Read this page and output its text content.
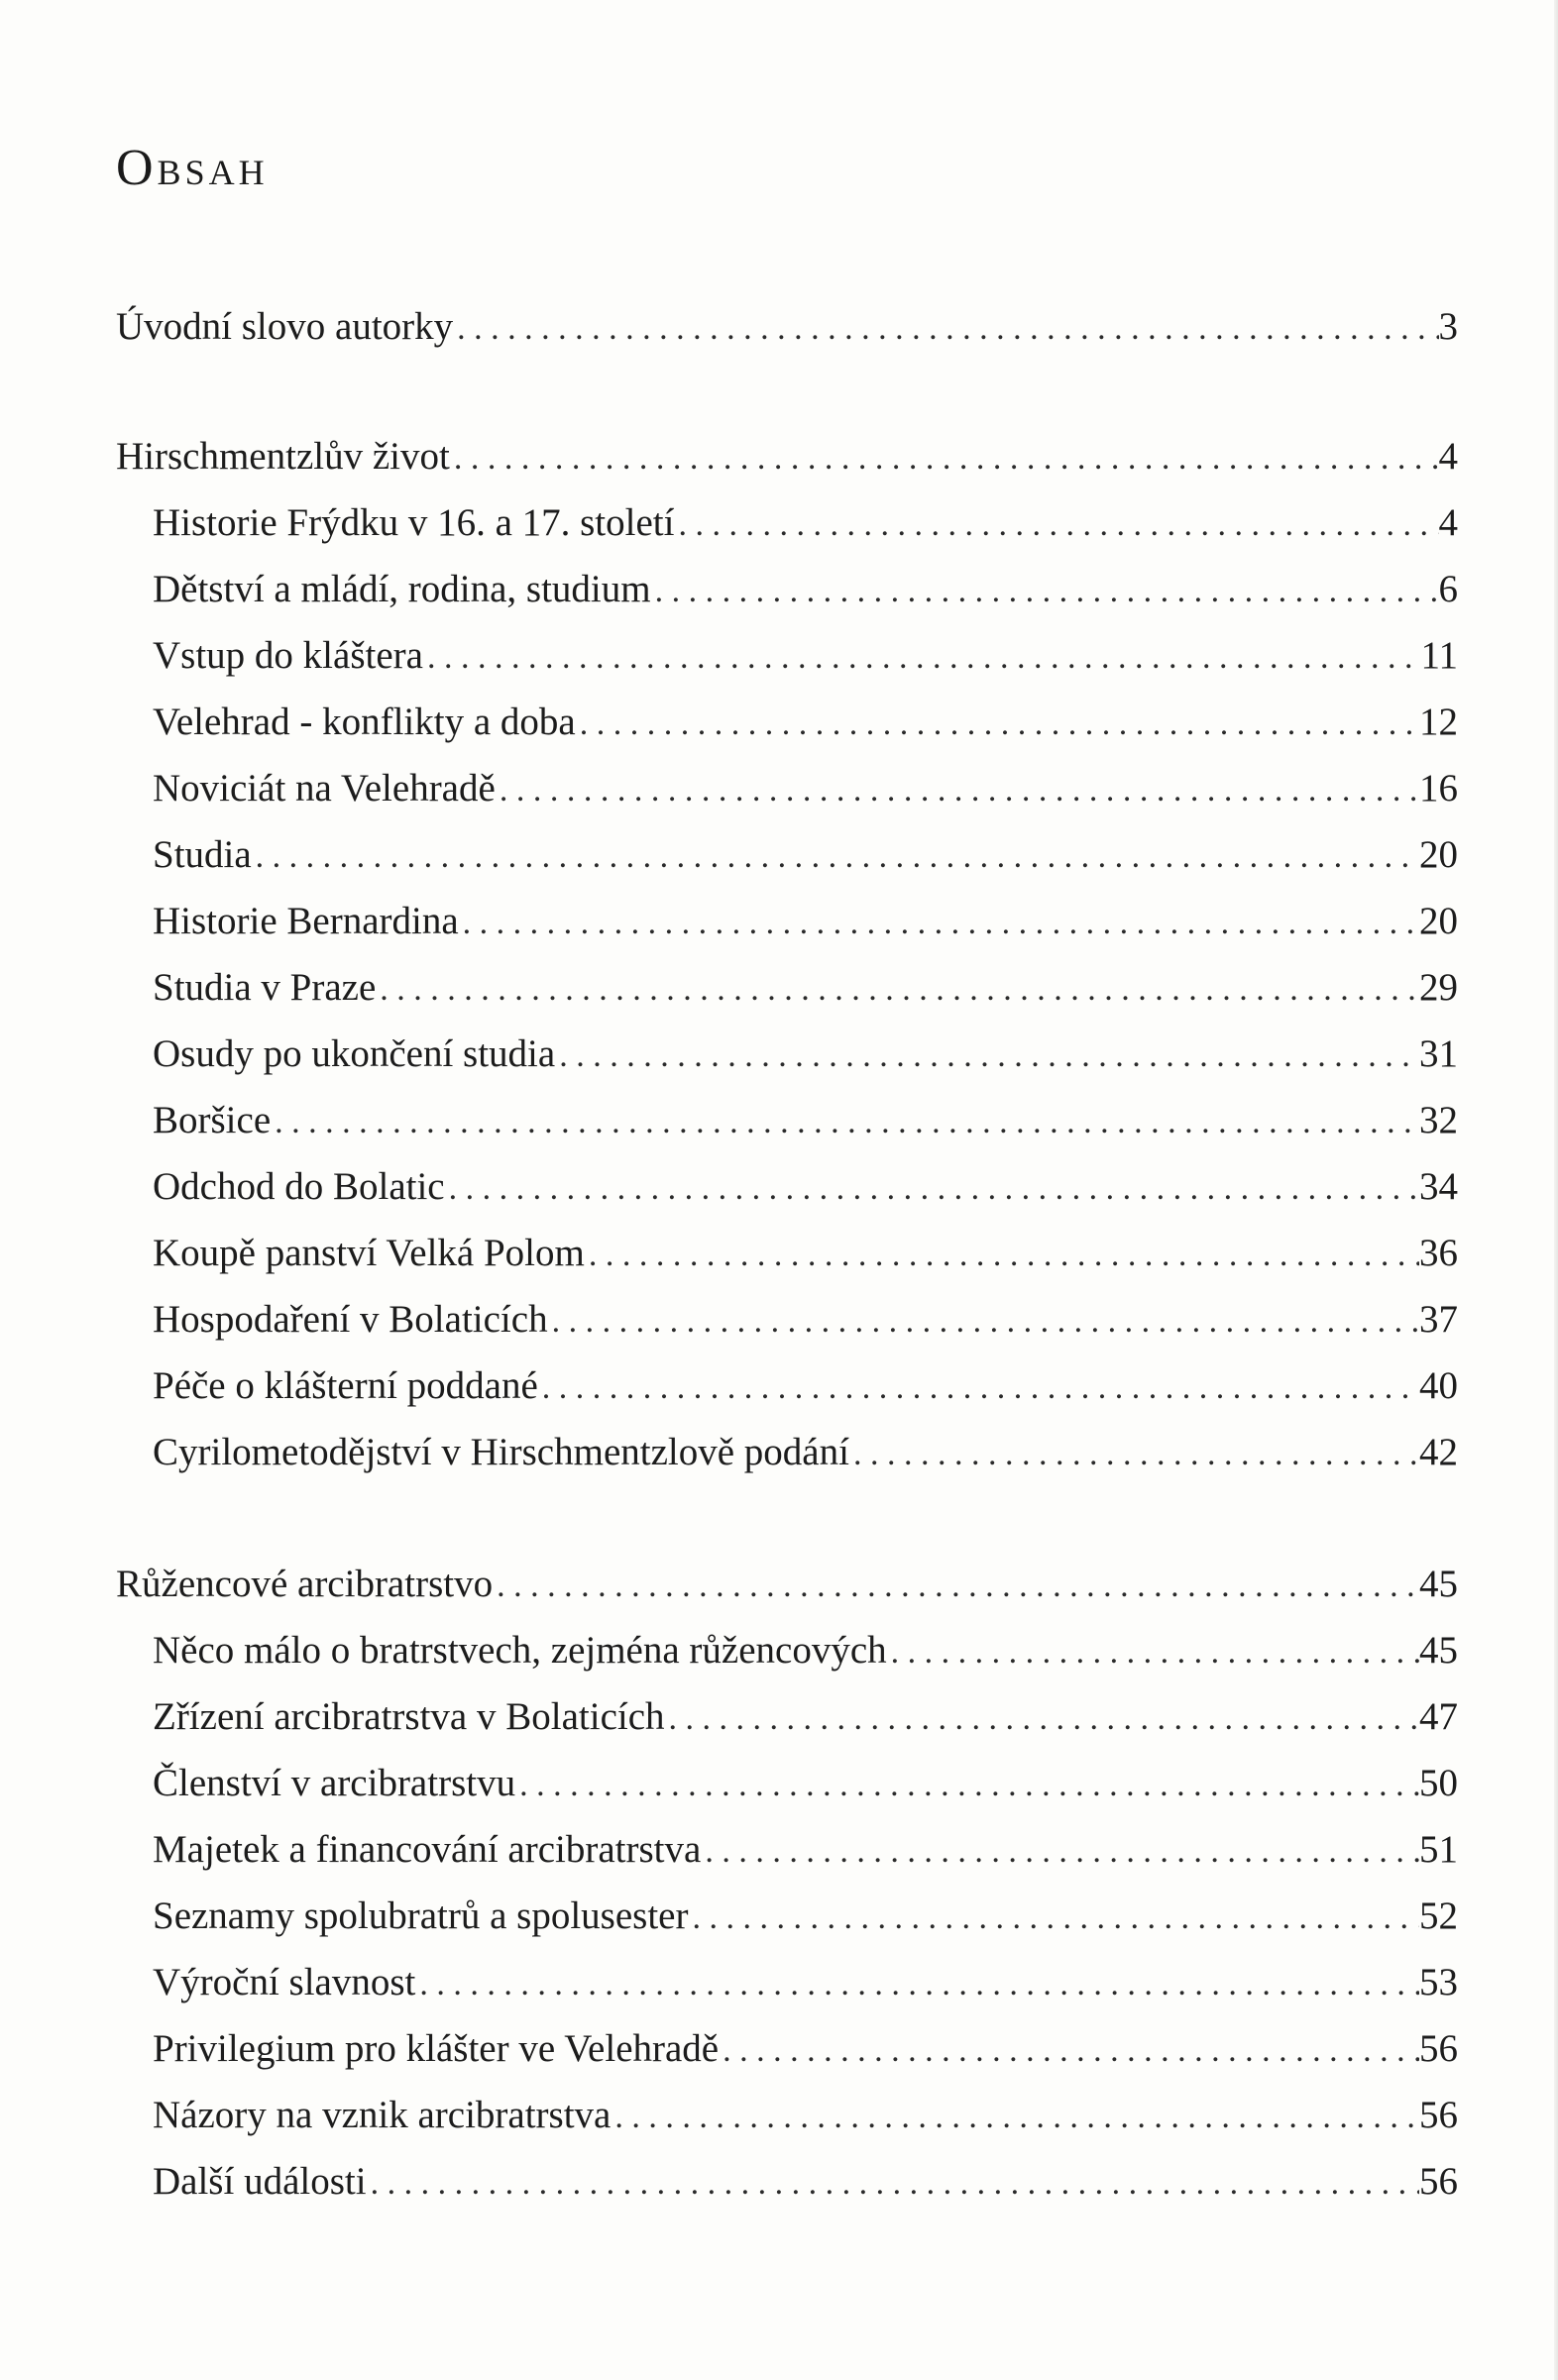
Obsah
Úvodní slovo autorky . . .	3
Hirschmentzlův život . . .	4
Historie Frýdku v 16. a 17. století . . .	4
Dětství a mládí, rodina, studium . . .	6
Vstup do kláštera . . .	11
Velehrad - konflikty a doba . . .	12
Noviciát na Velehradě . . .	16
Studia . . .	20
Historie Bernardina . . .	20
Studia v Praze . . .	29
Osudy po ukončení studia . . .	31
Boršice . . .	32
Odchod do Bolatic . . .	34
Koupě panství Velká Polom . . .	36
Hospodaření v Bolaticích . . .	37
Péče o klášterní poddané . . .	40
Cyrilometodějství v Hirschmentzlově podání . . .	42
Růžencové arcibratrstvo . . .	45
Něco málo o bratrstvech, zejména růžencových . . .	45
Zřízení arcibratrstva v Bolaticích . . .	47
Členství v arcibratrstvu . . .	50
Majetek a financování arcibratrstva . . .	51
Seznamy spolubratrů a spolusester . . .	52
Výroční slavnost . . .	53
Privilegium pro klášter ve Velehradě . . .	56
Názory na vznik arcibratrstva . . .	56
Další události . . .	56
